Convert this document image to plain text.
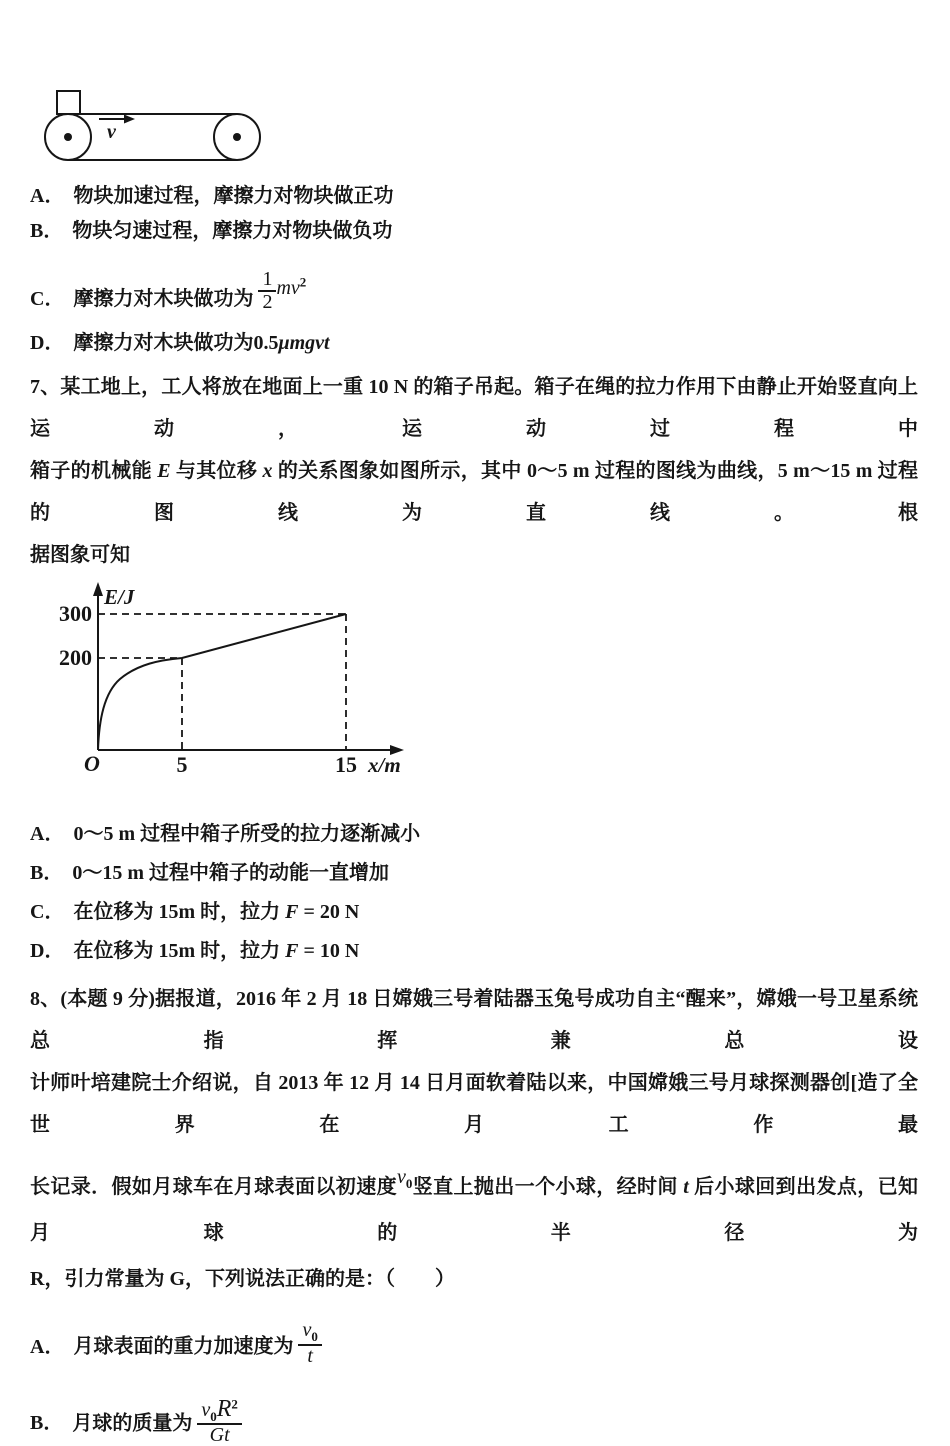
v
A． 物块加速过程，摩擦力对物块做正功
B． 物块匀速过程，摩擦力对物块做负功
C． 摩擦力对木块做功为 $\frac{1}{2} mv^2$
D． 摩擦力对木块做功为0.5μmgvt
7、某工地上，工人将放在地面上一重 10 N 的箱子吊起。箱子在绳的拉力作用下由静止开始竖直向上运动，运动过程中
箱子的机械能 E 与其位移 x 的关系图象如图所示，其中 0〜5 m 过程的图线为曲线，5 m〜15 m 过程的图线为直线。根
据图象可知
E/J
300
200
O	5	15 x/m
A． 0〜5 m 过程中箱子所受的拉力逐渐减小
B． 0〜15 m 过程中箱子的动能一直增加
C． 在位移为 15m 时，拉力 F = 20 N
D． 在位移为 15m 时，拉力 F = 10 N
8、(本题 9 分)据报道，2016 年 2 月 18 日嫦娥三号着陆器玉兔号成功自主“醒来”，嫦娥一号卫星系统总指挥兼总设
计师叶培建院士介绍说，自 2013 年 12 月 14 日月面软着陆以来，中国嫦娥三号月球探测器创[造了全世界在月工作最
长记录．假如月球车在月球表面以初速度$v_0$竖直上抛出一个小球，经时间 t 后小球回到出发点，已知月球的半径为
R，引力常量为 G，下列说法正确的是：（　　）
A． 月球表面的重力加速度为 $\frac{v_0}{t}$
B． 月球的质量为 $\frac{v_0R^2}{Gt}$
